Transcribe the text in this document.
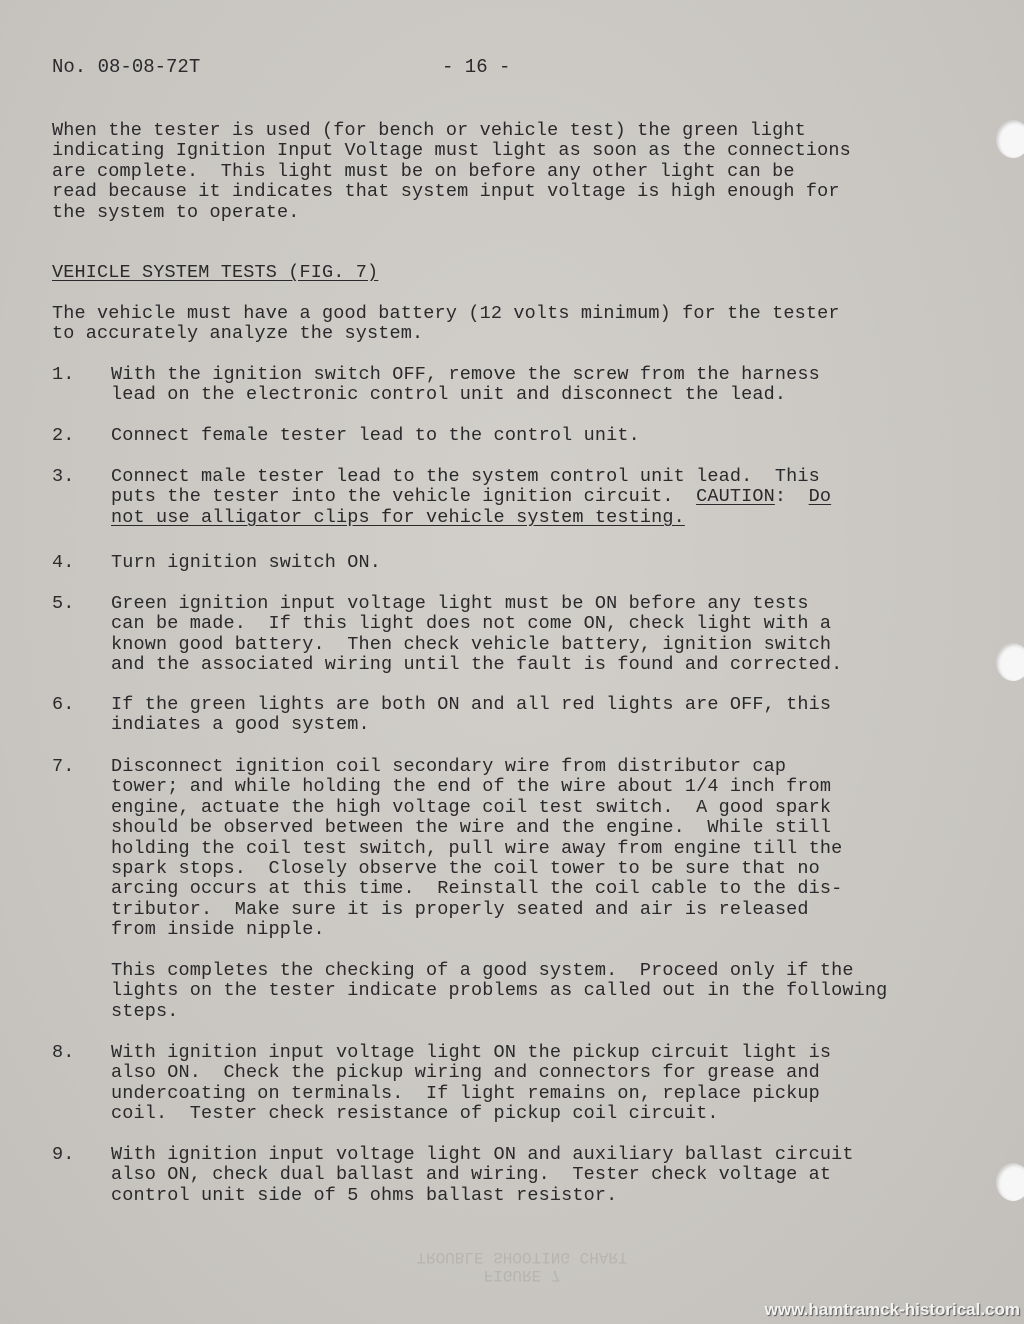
No. 08-08-72T	- 16 -
When the tester is used (for bench or vehicle test) the green light
indicating Ignition Input Voltage must light as soon as the connections
are complete.  This light must be on before any other light can be
read because it indicates that system input voltage is high enough for
the system to operate.
VEHICLE SYSTEM TESTS (FIG. 7)
The vehicle must have a good battery (12 volts minimum) for the tester
to accurately analyze the system.

1.

With the ignition switch OFF, remove the screw from the harness
lead on the electronic control unit and disconnect the lead.

2.

Connect female tester lead to the control unit.

3.

Connect male tester lead to the system control unit lead.  This
puts the tester into the vehicle ignition circuit.  CAUTION:  Do
not use alligator clips for vehicle system testing.

4.

Turn ignition switch ON.

5.

Green ignition input voltage light must be ON before any tests
can be made.  If this light does not come ON, check light with a
known good battery.  Then check vehicle battery, ignition switch
and the associated wiring until the fault is found and corrected.

6.

If the green lights are both ON and all red lights are OFF, this
indiates a good system.

7.

Disconnect ignition coil secondary wire from distributor cap
tower; and while holding the end of the wire about 1/4 inch from
engine, actuate the high voltage coil test switch.  A good spark
should be observed between the wire and the engine.  While still
holding the coil test switch, pull wire away from engine till the
spark stops.  Closely observe the coil tower to be sure that no
arcing occurs at this time.  Reinstall the coil cable to the dis-
tributor.  Make sure it is properly seated and air is released
from inside nipple.

This completes the checking of a good system.  Proceed only if the
lights on the tester indicate problems as called out in the following
steps.

8.

With ignition input voltage light ON the pickup circuit light is
also ON.  Check the pickup wiring and connectors for grease and
undercoating on terminals.  If light remains on, replace pickup
coil.  Tester check resistance of pickup coil circuit.

9.

With ignition input voltage light ON and auxiliary ballast circuit
also ON, check dual ballast and wiring.  Tester check voltage at
control unit side of 5 ohms ballast resistor.

FIGURE 7
TROUBLE SHOOTING CHART
www.hamtramck-historical.com
